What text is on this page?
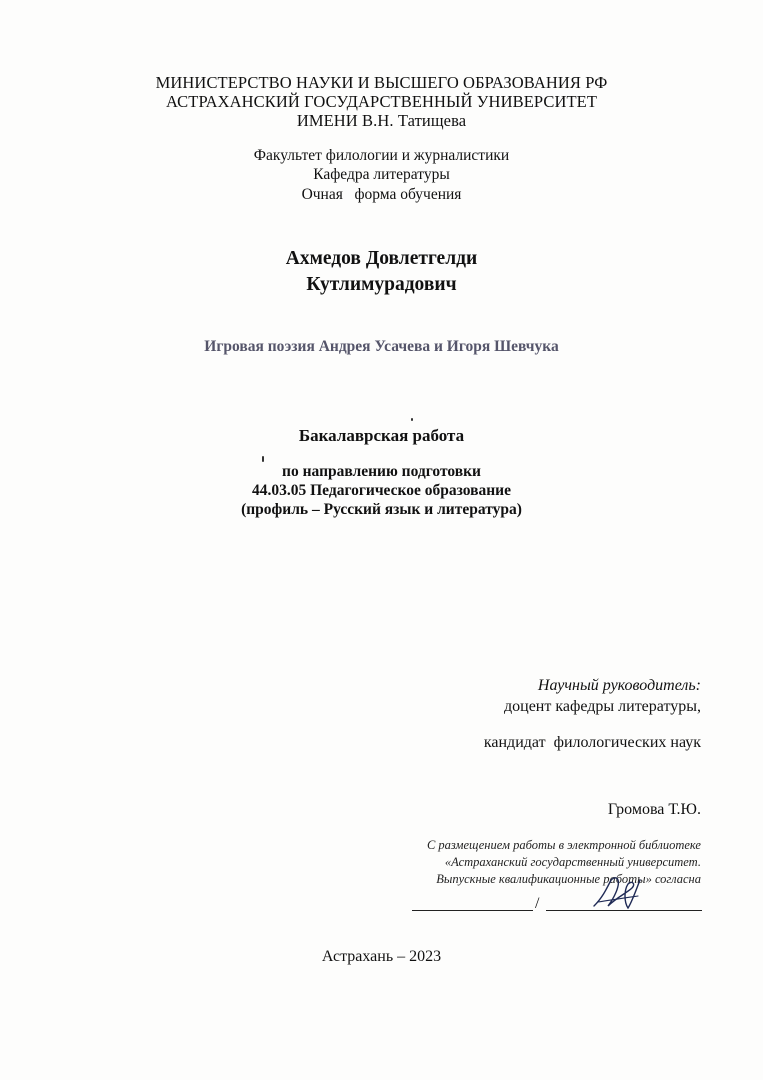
МИНИСТЕРСТВО НАУКИ И ВЫСШЕГО ОБРАЗОВАНИЯ РФ
АСТРАХАНСКИЙ ГОСУДАРСТВЕННЫЙ УНИВЕРСИТЕТ
ИМЕНИ В.Н. Татищева
Факультет филологии и журналистики
Кафедра литературы
Очная   форма обучения
Ахмедов Довлетгелди
Кутлимурадович
Игровая поэзия Андрея Усачева и Игоря Шевчука
Бакалаврская работа
по направлению подготовки
44.03.05 Педагогическое образование
(профиль – Русский язык и литература)
Научный руководитель:
доцент кафедры литературы,
кандидат  филологических наук
Громова Т.Ю.
С размещением работы в электронной библиотеке
«Астраханский государственный университет.
Выпускные квалификационные работы» согласна
/
Астрахань – 2023
